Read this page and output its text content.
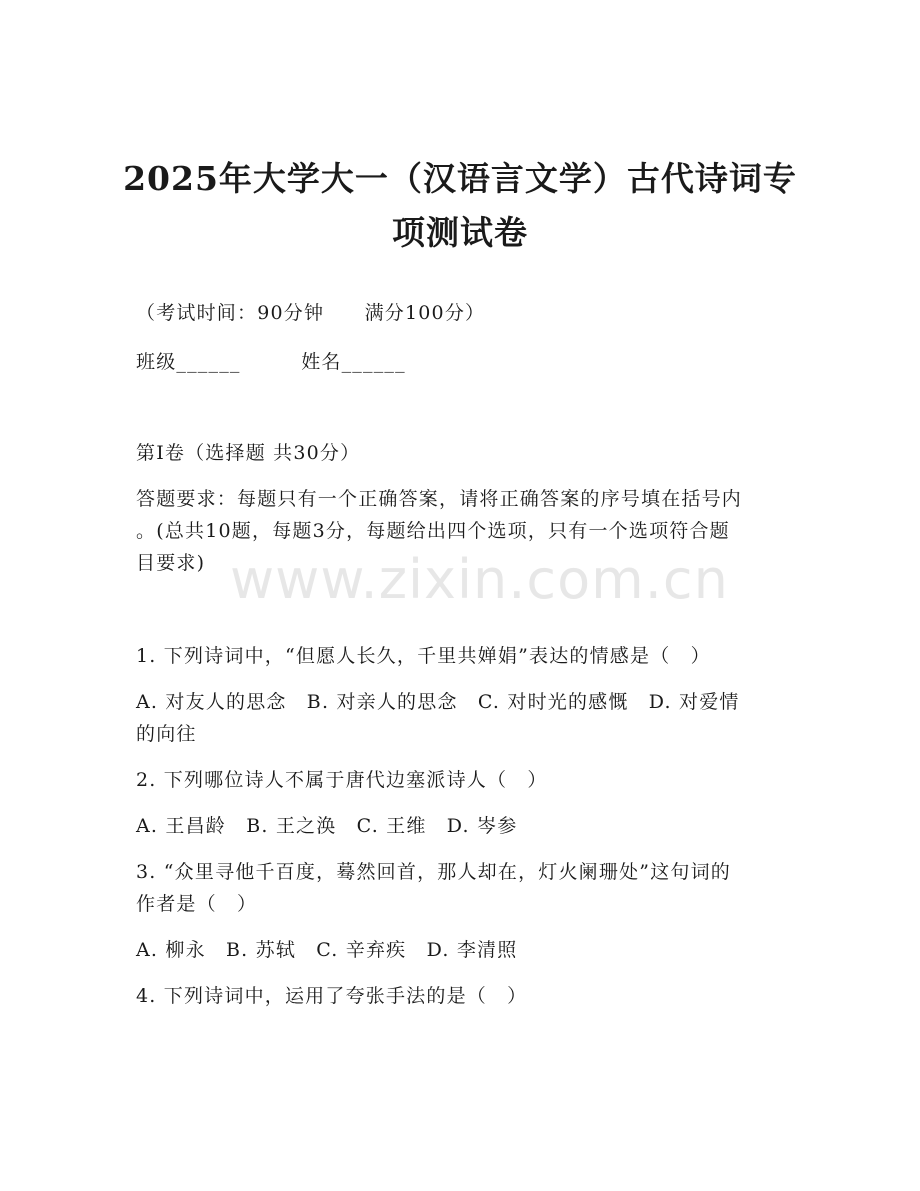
2025年大学大一（汉语言文学）古代诗词专
项测试卷
（考试时间：90分钟　　满分100分）
班级______　　　姓名______
第I卷（选择题 共30分）
答题要求：每题只有一个正确答案，请将正确答案的序号填在括号内
。(总共10题，每题3分，每题给出四个选项，只有一个选项符合题
目要求) www.zixin.com.cn
1. 下列诗词中，“但愿人长久，千里共婵娟”表达的情感是（　）
A. 对友人的思念　B. 对亲人的思念　C. 对时光的感慨　D. 对爱情
的向往
2. 下列哪位诗人不属于唐代边塞派诗人（　）
A. 王昌龄　B. 王之涣　C. 王维　D. 岑参
3. “众里寻他千百度，蓦然回首，那人却在，灯火阑珊处”这句词的
作者是（　）
A. 柳永　B. 苏轼　C. 辛弃疾　D. 李清照
4. 下列诗词中，运用了夸张手法的是（　）
